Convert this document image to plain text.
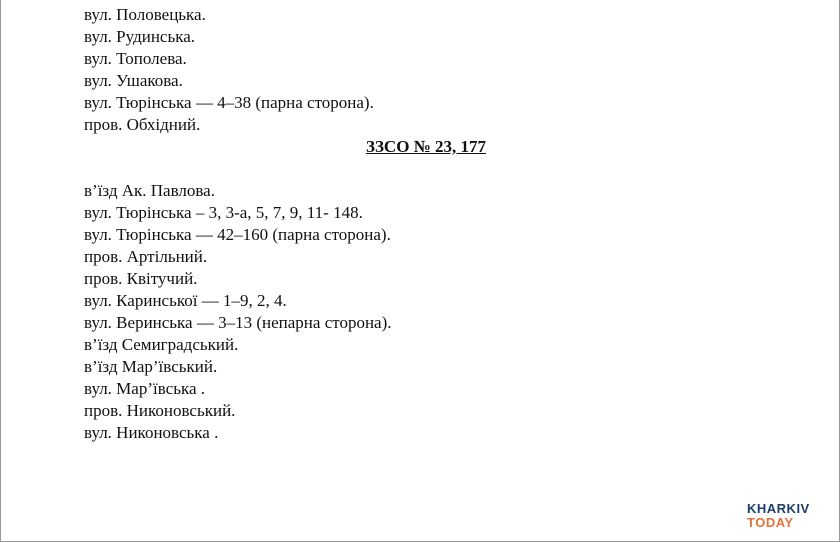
вул. Половецька.
вул. Рудинська.
вул. Тополева.
вул. Ушакова.
вул. Тюрінська — 4–38 (парна сторона).
пров. Обхідний.
ЗЗСО № 23, 177
в’їзд Ак. Павлова.
вул. Тюрінська – 3, 3-а, 5, 7, 9, 11- 148.
вул. Тюрінська — 42–160 (парна сторона).
пров. Артільний.
пров. Квітучий.
вул. Каринської — 1–9, 2, 4.
вул. Веринська — 3–13 (непарна сторона).
в’їзд Семиградський.
в’їзд Мар’ївський.
вул. Мар’ївська .
пров. Никоновський.
вул. Никоновська .
KHARKIV
TODAY
